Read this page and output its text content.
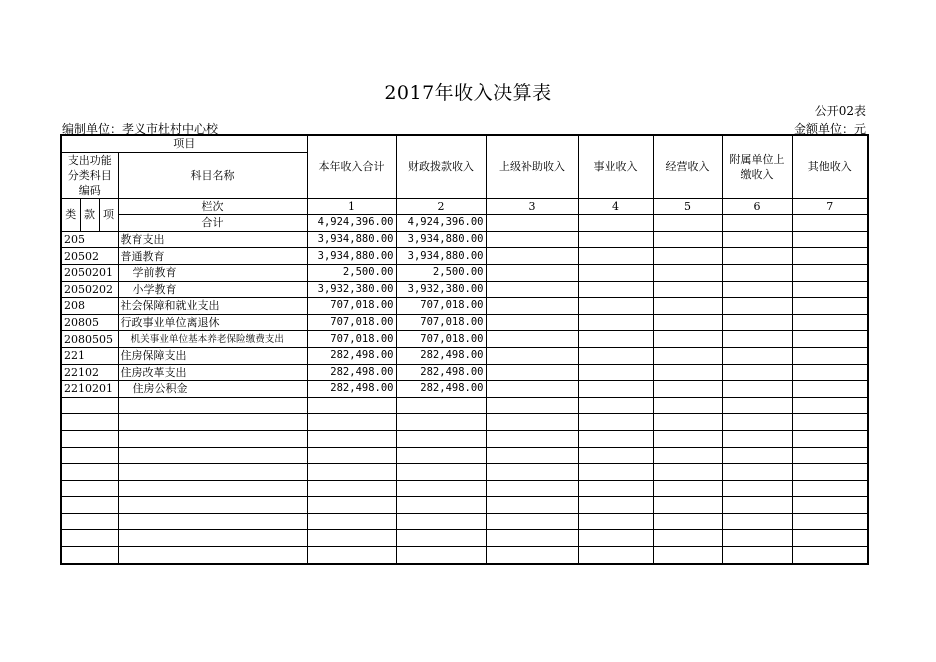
2017年收入决算表
公开02表
编制单位：孝义市杜村中心校	金额单位：元
项目				本年收入合计	财政拨款收入	上级补助收入	事业收入	经营收入	附属单位上缴收入	其他收入
支出功能分类科目编码			科目名称							

类	款	项	栏次	1	2	3	4	5	6	7
			合计	4,924,396.00	4,924,396.00					
205			教育支出	3,934,880.00	3,934,880.00					
20502			普通教育	3,934,880.00	3,934,880.00					
2050201			学前教育	2,500.00	2,500.00					
2050202			小学教育	3,932,380.00	3,932,380.00					
208			社会保障和就业支出	707,018.00	707,018.00					
20805			行政事业单位离退休	707,018.00	707,018.00					
2080505			机关事业单位基本养老保险缴费支出	707,018.00	707,018.00					
221			住房保障支出	282,498.00	282,498.00					
22102			住房改革支出	282,498.00	282,498.00					
2210201			住房公积金	282,498.00	282,498.00					
